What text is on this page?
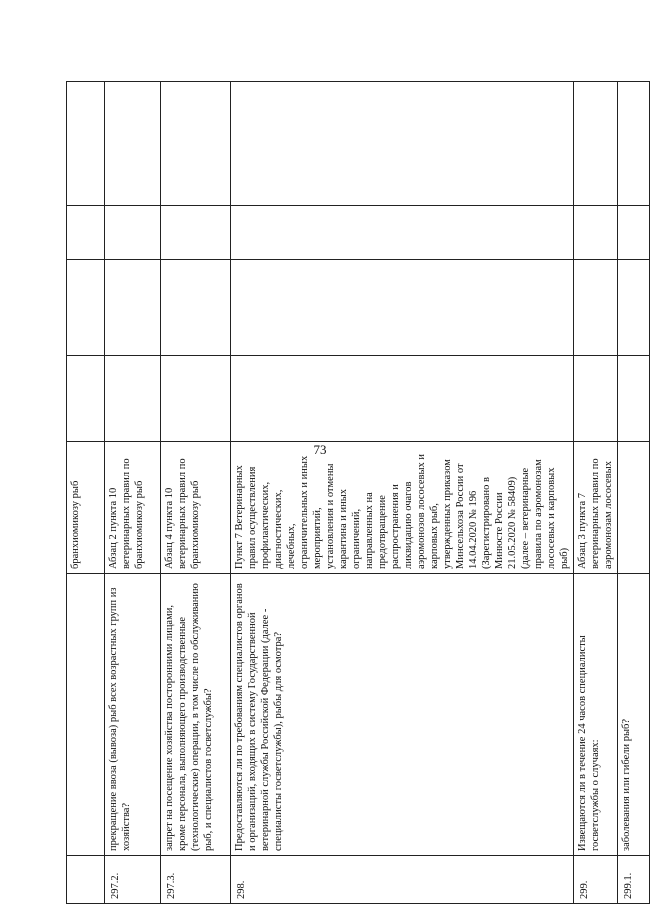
73
		бранхиомикозу рыб				
297.2.	прекращение ввоза (вывоза) рыб всех возрастных групп из хозяйства?	Абзац 2 пункта 10 ветеринарных правил по бранхиомикозу рыб				
297.3.	запрет на посещение хозяйства посторонними лицами, кроме персонала, выполняющего производственные (технологические) операции, в том числе по обслуживанию рыб, и специалистов госветслужбы?	Абзац 4 пункта 10 ветеринарных правил по бранхиомикозу рыб				
298.	Предоставляются ли по требованиям специалистов органов и организаций, входящих в систему Государственной ветеринарной службы Российской Федерации (далее - специалисты госветслужбы), рыбы для осмотра?	Пункт 7 Ветеринарных правил осуществления профилактических, диагностических, лечебных, ограничительных и иных мероприятий, установления и отмены карантина и иных ограничений, направленных на предотвращение распространения и ликвидацию очагов аэромонозов лососевых и карповых рыб, утвержденных приказом Минсельхоза России от 14.04.2020 № 196 (Зарегистрировано в Минюсте России 21.05.2020 № 58409) (далее – ветеринарные правила по аэромонозам лососевых и карповых рыб)				
299.	Извещаются ли в течение 24 часов специалисты госветслужбы о случаях:	Абзац 3 пункта 7 ветеринарных правил по аэромонозам лососевых				
299.1.	заболевания или гибели рыб?					
